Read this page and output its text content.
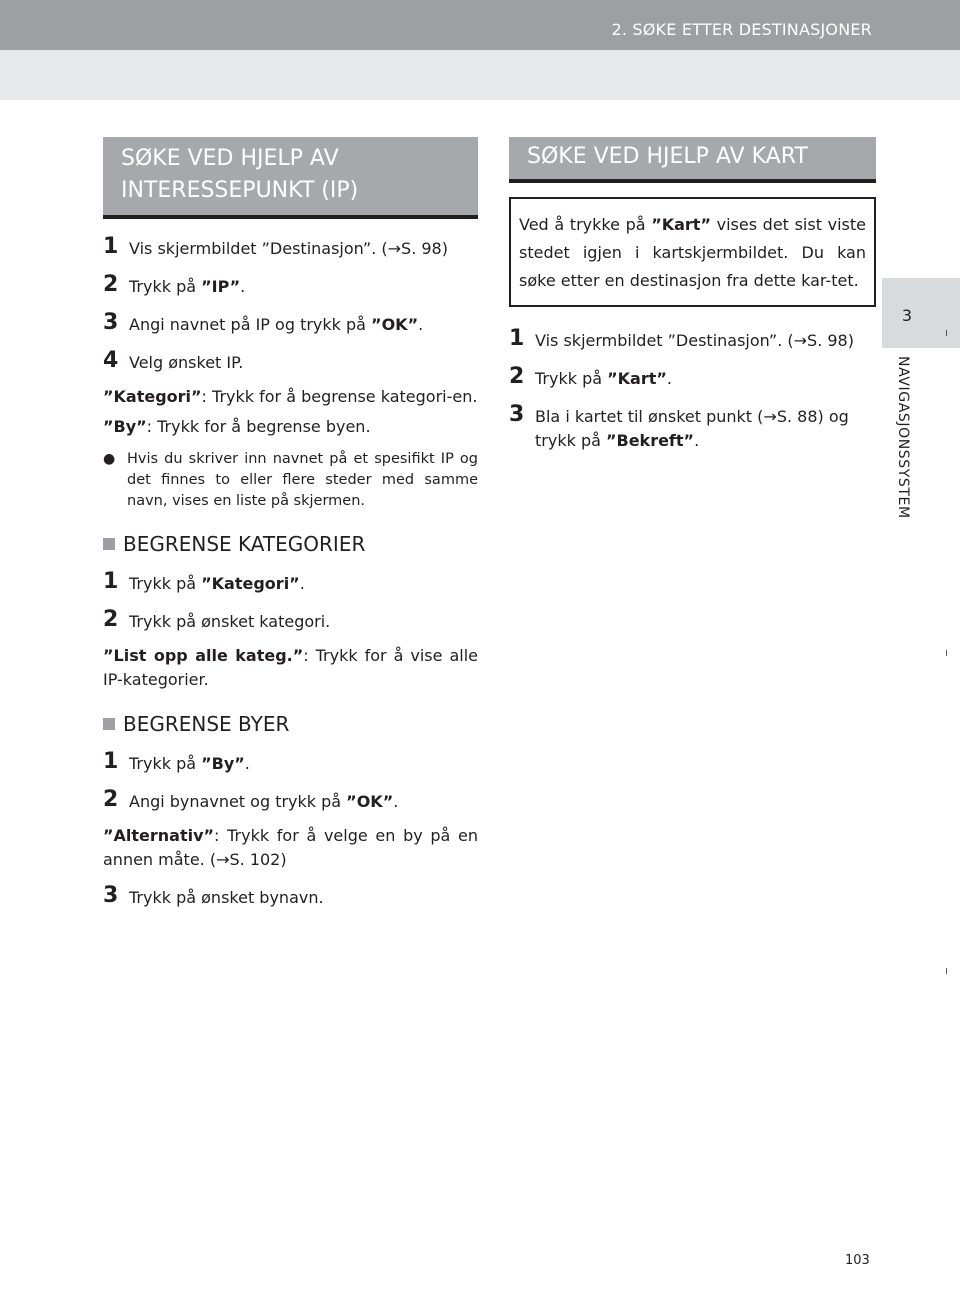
2. SØKE ETTER DESTINASJONER
3
NAVIGASJONSSYSTEM
SØKE VED HJELP AV INTERESSEPUNKT (IP)
1 Vis skjermbildet ”Destinasjon”. (→S. 98)
2 Trykk på ”IP”.
3 Angi navnet på IP og trykk på ”OK”.
4 Velg ønsket IP.

”Kategori”: Trykk for å begrense kategori-en.

”By”: Trykk for å begrense byen.

● Hvis du skriver inn navnet på et spesifikt IP og det finnes to eller flere steder med samme navn, vises en liste på skjermen.
BEGRENSE KATEGORIER
1 Trykk på ”Kategori”.
2 Trykk på ønsket kategori.

”List opp alle kateg.”: Trykk for å vise alle IP-kategorier.

BEGRENSE BYER
1 Trykk på ”By”.
2 Angi bynavnet og trykk på ”OK”.

”Alternativ”: Trykk for å velge en by på en annen måte. (→S. 102)

3 Trykk på ønsket bynavn.
SØKE VED HJELP AV KART
Ved å trykke på ”Kart” vises det sist viste stedet igjen i kartskjermbildet. Du kan søke etter en destinasjon fra dette kar-tet.
1 Vis skjermbildet ”Destinasjon”. (→S. 98)
2 Trykk på ”Kart”.
3 Bla i kartet til ønsket punkt (→S. 88) og trykk på ”Bekreft”.
103
